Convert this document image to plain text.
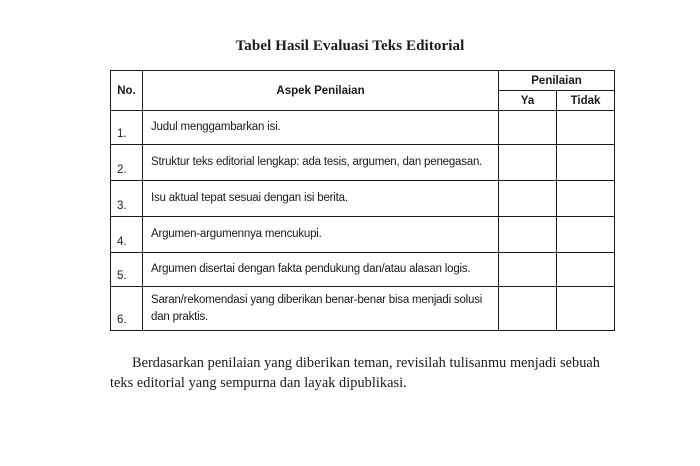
Tabel Hasil Evaluasi Teks Editorial
No.	Aspek Penilaian	Penilaian	
		Ya	Tidak
1.	Judul menggambarkan isi.		
2.	Struktur teks editorial lengkap: ada tesis, argumen, dan penegasan.		
3.	Isu aktual tepat sesuai dengan isi berita.		
4.	Argumen-argumennya mencukupi.		
5.	Argumen disertai dengan fakta pendukung dan/atau alasan logis.		
6.	Saran/rekomendasi yang diberikan benar-benar bisa menjadi solusi dan praktis.		

Berdasarkan penilaian yang diberikan teman, revisilah tulisanmu menjadi sebuah teks editorial yang sempurna dan layak dipublikasi.
